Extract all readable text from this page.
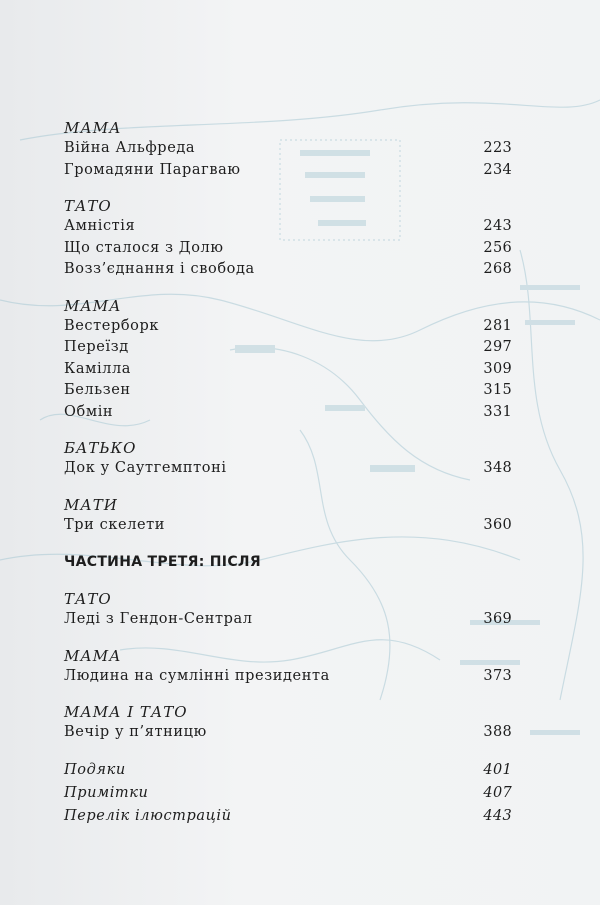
МАМА
Війна Альфреда	223
Громадяни Парагваю	234
ТАТО
Амністія	243
Що сталося з Долю	256
Возз’єднання і свобода	268
МАМА
Вестерборк	281
Переїзд	297
Камілла	309
Бельзен	315
Обмін	331
БАТЬКО
Док у Саутгемптоні	348
МАТИ
Три скелети	360
ЧАСТИНА ТРЕТЯ: ПІСЛЯ
ТАТО
Леді з Гендон-Сентрал	369
МАМА
Людина на сумлінні президента	373
МАМА І ТАТО
Вечір у п’ятницю	388
Подяки	401
Примітки	407
Перелік ілюстрацій	443
